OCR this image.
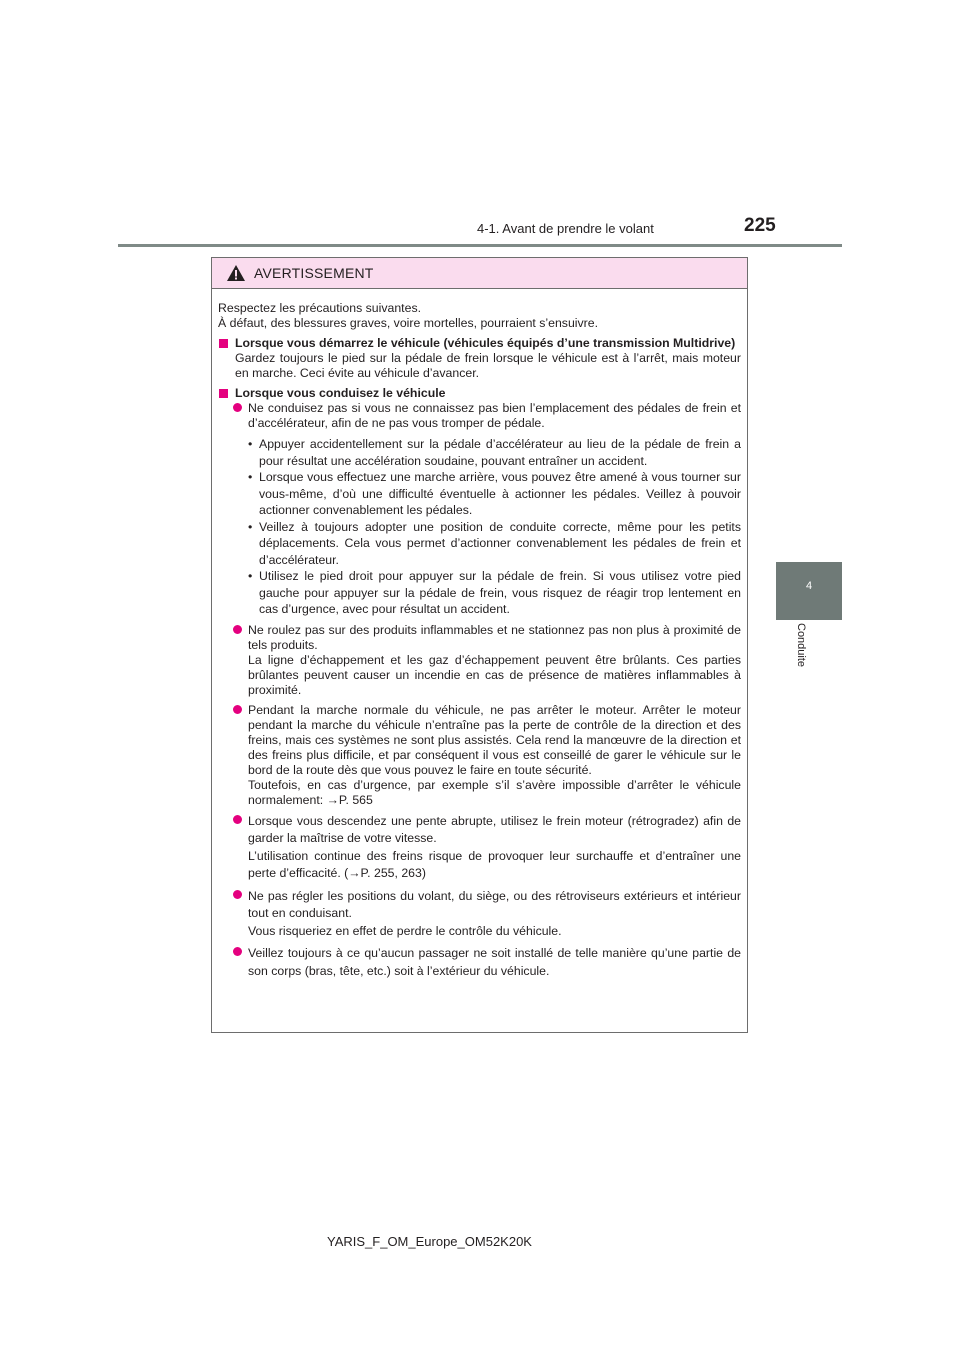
4-1. Avant de prendre le volant	225
4
Conduite
AVERTISSEMENT

Respectez les précautions suivantes.

À défaut, des blessures graves, voire mortelles, pourraient s’ensuivre.

Lorsque vous démarrez le véhicule (véhicules équipés d’une transmission Multidrive)

Gardez toujours le pied sur la pédale de frein lorsque le véhicule est à l’arrêt, mais moteur en marche. Ceci évite au véhicule d’avancer.

Lorsque vous conduisez le véhicule

Ne conduisez pas si vous ne connaissez pas bien l’emplacement des pédales de frein et d’accélérateur, afin de ne pas vous tromper de pédale.

• Appuyer accidentellement sur la pédale d’accélérateur au lieu de la pédale de frein a pour résultat une accélération soudaine, pouvant entraîner un accident.
• Lorsque vous effectuez une marche arrière, vous pouvez être amené à vous tourner sur vous-même, d’où une difficulté éventuelle à actionner les pédales. Veillez à pouvoir actionner convenablement les pédales.
• Veillez à toujours adopter une position de conduite correcte, même pour les petits déplacements. Cela vous permet d’actionner convenablement les pédales de frein et d’accélérateur.
• Utilisez le pied droit pour appuyer sur la pédale de frein. Si vous utilisez votre pied gauche pour appuyer sur la pédale de frein, vous risquez de réagir trop lentement en cas d’urgence, avec pour résultat un accident.

Ne roulez pas sur des produits inflammables et ne stationnez pas non plus à proximité de tels produits.

La ligne d’échappement et les gaz d’échappement peuvent être brûlants. Ces parties brûlantes peuvent causer un incendie en cas de présence de matières inflammables à proximité.

Pendant la marche normale du véhicule, ne pas arrêter le moteur. Arrêter le moteur pendant la marche du véhicule n’entraîne pas la perte de contrôle de la direction et des freins, mais ces systèmes ne sont plus assistés. Cela rend la manœuvre de la direction et des freins plus difficile, et par conséquent il vous est conseillé de garer le véhicule sur le bord de la route dès que vous pouvez le faire en toute sécurité.

Toutefois, en cas d’urgence, par exemple s’il s’avère impossible d’arrêter le véhicule normalement: →P. 565

Lorsque vous descendez une pente abrupte, utilisez le frein moteur (rétrogradez) afin de garder la maîtrise de votre vitesse.

L’utilisation continue des freins risque de provoquer leur surchauffe et d’entraîner une perte d’efficacité. (→P. 255, 263)

Ne pas régler les positions du volant, du siège, ou des rétroviseurs extérieurs et intérieur tout en conduisant.

Vous risqueriez en effet de perdre le contrôle du véhicule.

Veillez toujours à ce qu’aucun passager ne soit installé de telle manière qu’une partie de son corps (bras, tête, etc.) soit à l’extérieur du véhicule.

YARIS_F_OM_Europe_OM52K20K
